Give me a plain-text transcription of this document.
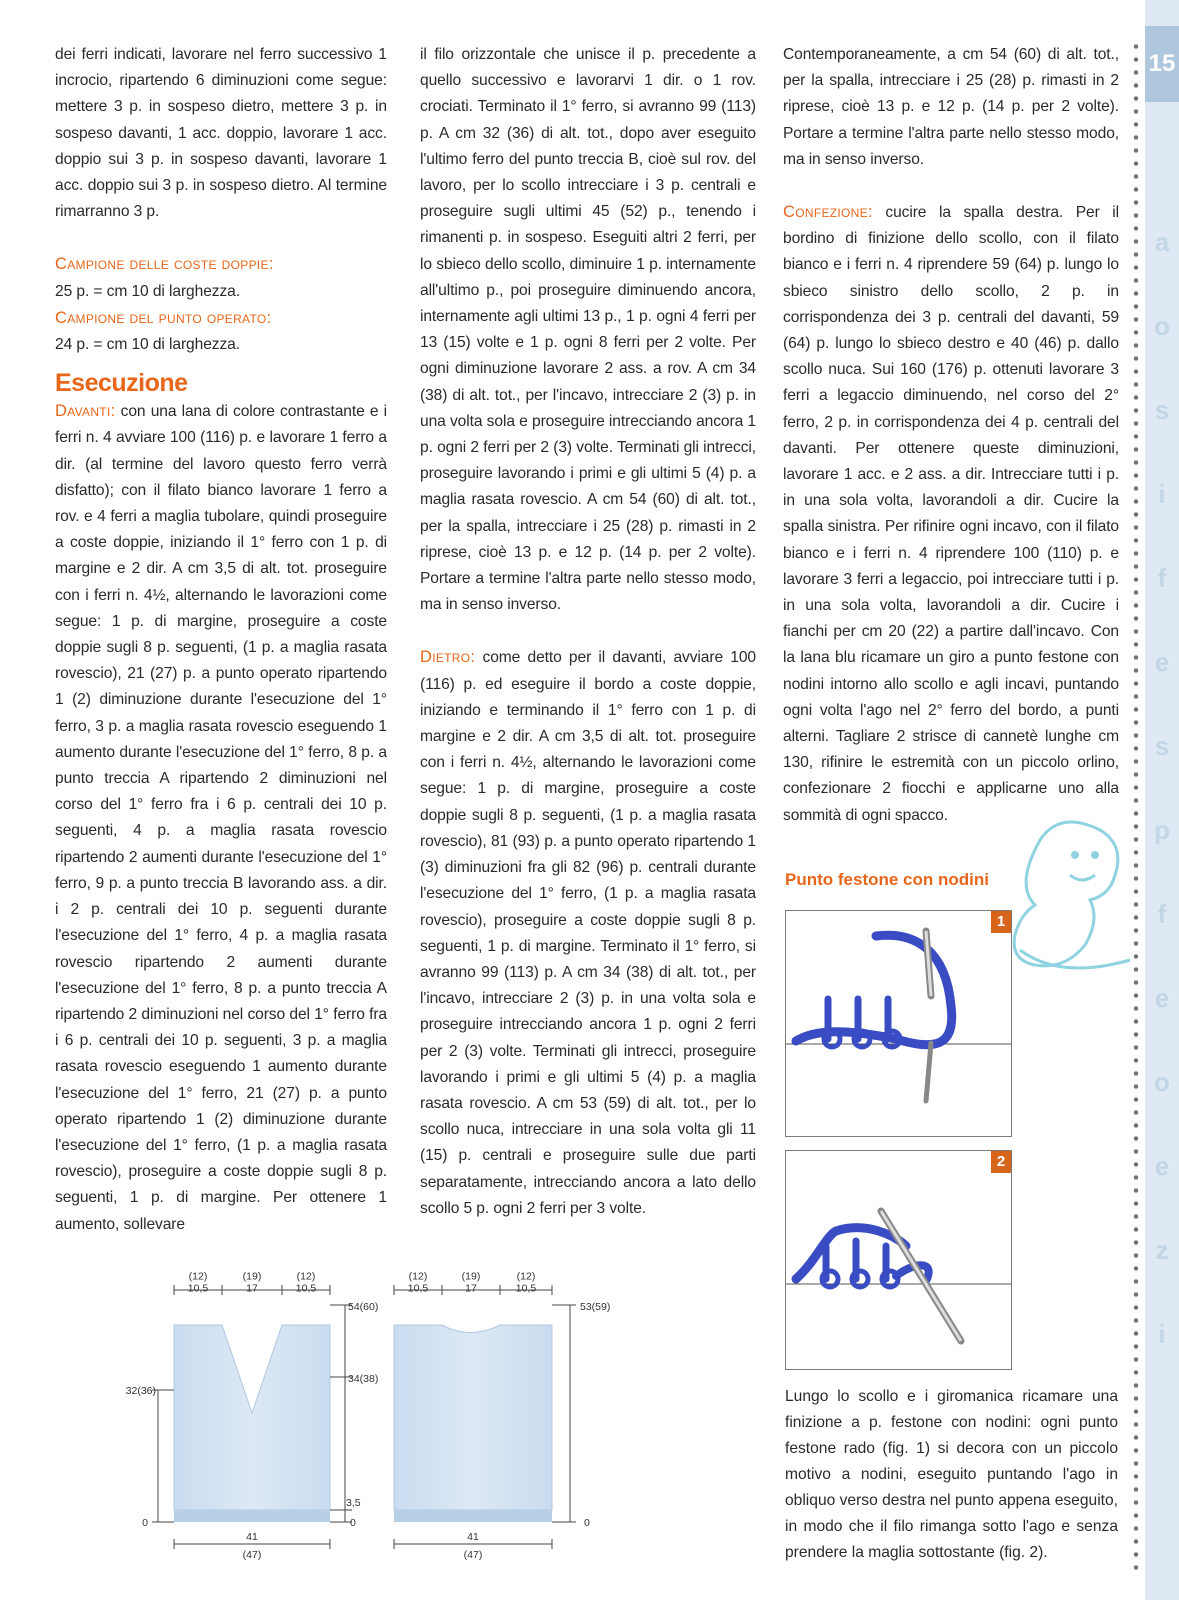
15
a
o
s
i
f
e
s
p
f
e
o
e
z
i

dei ferri indicati, lavorare nel ferro successivo 1 incrocio, ripartendo 6 diminuzioni come segue: mettere 3 p. in sospeso dietro, mettere 3 p. in sospeso davanti, 1 acc. doppio, lavorare 1 acc. doppio sui 3 p. in sospeso davanti, lavorare 1 acc. doppio sui 3 p. in sospeso dietro. Al termine rimarranno 3 p.

Campione delle coste doppie:
25 p. = cm 10 di larghezza.

Campione del punto operato:
24 p. = cm 10 di larghezza.

Esecuzione

Davanti: con una lana di colore contrastante e i ferri n. 4 avviare 100 (116) p. e lavorare 1 ferro a dir. (al termine del lavoro questo ferro verrà disfatto); con il filato bianco lavorare 1 ferro a rov. e 4 ferri a maglia tubolare, quindi proseguire a coste doppie, iniziando il 1° ferro con 1 p. di margine e 2 dir. A cm 3,5 di alt. tot. proseguire con i ferri n. 4½, alternando le lavorazioni come segue: 1 p. di margine, proseguire a coste doppie sugli 8 p. seguenti, (1 p. a maglia rasata rovescio), 21 (27) p. a punto operato ripartendo 1 (2) diminuzione durante l'esecuzione del 1° ferro, 3 p. a maglia rasata rovescio eseguendo 1 aumento durante l'esecuzione del 1° ferro, 8 p. a punto treccia A ripartendo 2 diminuzioni nel corso del 1° ferro fra i 6 p. centrali dei 10 p. seguenti, 4 p. a maglia rasata rovescio ripartendo 2 aumenti durante l'esecuzione del 1° ferro, 9 p. a punto treccia B lavorando ass. a dir. i 2 p. centrali dei 10 p. seguenti durante l'esecuzione del 1° ferro, 4 p. a maglia rasata rovescio ripartendo 2 aumenti durante l'esecuzione del 1° ferro, 8 p. a punto treccia A ripartendo 2 diminuzioni nel corso del 1° ferro fra i 6 p. centrali dei 10 p. seguenti, 3 p. a maglia rasata rovescio eseguendo 1 aumento durante l'esecuzione del 1° ferro, 21 (27) p. a punto operato ripartendo 1 (2) diminuzione durante l'esecuzione del 1° ferro, (1 p. a maglia rasata rovescio), proseguire a coste doppie sugli 8 p. seguenti, 1 p. di margine. Per ottenere 1 aumento, sollevare

il filo orizzontale che unisce il p. precedente a quello successivo e lavorarvi 1 dir. o 1 rov. crociati. Terminato il 1° ferro, si avranno 99 (113) p. A cm 32 (36) di alt. tot., dopo aver eseguito l'ultimo ferro del punto treccia B, cioè sul rov. del lavoro, per lo scollo intrecciare i 3 p. centrali e proseguire sugli ultimi 45 (52) p., tenendo i rimanenti p. in sospeso. Eseguiti altri 2 ferri, per lo sbieco dello scollo, diminuire 1 p. internamente all'ultimo p., poi proseguire diminuendo ancora, internamente agli ultimi 13 p., 1 p. ogni 4 ferri per 13 (15) volte e 1 p. ogni 8 ferri per 2 volte. Per ogni diminuzione lavorare 2 ass. a rov. A cm 34 (38) di alt. tot., per l'incavo, intrecciare 2 (3) p. in una volta sola e proseguire intrecciando ancora 1 p. ogni 2 ferri per 2 (3) volte. Terminati gli intrecci, proseguire lavorando i primi e gli ultimi 5 (4) p. a maglia rasata rovescio. A cm 54 (60) di alt. tot., per la spalla, intrecciare i 25 (28) p. rimasti in 2 riprese, cioè 13 p. e 12 p. (14 p. per 2 volte). Portare a termine l'altra parte nello stesso modo, ma in senso inverso.

Dietro: come detto per il davanti, avviare 100 (116) p. ed eseguire il bordo a coste doppie, iniziando e terminando il 1° ferro con 1 p. di margine e 2 dir. A cm 3,5 di alt. tot. proseguire con i ferri n. 4½, alternando le lavorazioni come segue: 1 p. di margine, proseguire a coste doppie sugli 8 p. seguenti, (1 p. a maglia rasata rovescio), 81 (93) p. a punto operato ripartendo 1 (3) diminuzioni fra gli 82 (96) p. centrali durante l'esecuzione del 1° ferro, (1 p. a maglia rasata rovescio), proseguire a coste doppie sugli 8 p. seguenti, 1 p. di margine. Terminato il 1° ferro, si avranno 99 (113) p. A cm 34 (38) di alt. tot., per l'incavo, intrecciare 2 (3) p. in una volta sola e proseguire intrecciando ancora 1 p. ogni 2 ferri per 2 (3) volte. Terminati gli intrecci, proseguire lavorando i primi e gli ultimi 5 (4) p. a maglia rasata rovescio. A cm 53 (59) di alt. tot., per lo scollo nuca, intrecciare in una sola volta gli 11 (15) p. centrali e proseguire sulle due parti separatamente, intrecciando ancora a lato dello scollo 5 p. ogni 2 ferri per 3 volte.

Contemporaneamente, a cm 54 (60) di alt. tot., per la spalla, intrecciare i 25 (28) p. rimasti in 2 riprese, cioè 13 p. e 12 p. (14 p. per 2 volte). Portare a termine l'altra parte nello stesso modo, ma in senso inverso.

Confezione: cucire la spalla destra. Per il bordino di finizione dello scollo, con il filato bianco e i ferri n. 4 riprendere 59 (64) p. lungo lo sbieco sinistro dello scollo, 2 p. in corrispondenza dei 3 p. centrali del davanti, 59 (64) p. lungo lo sbieco destro e 40 (46) p. dallo scollo nuca. Sui 160 (176) p. ottenuti lavorare 3 ferri a legaccio diminuendo, nel corso del 2° ferro, 2 p. in corrispondenza dei 4 p. centrali del davanti. Per ottenere queste diminuzioni, lavorare 1 acc. e 2 ass. a dir. Intrecciare tutti i p. in una sola volta, lavorandoli a dir. Cucire la spalla sinistra. Per rifinire ogni incavo, con il filato bianco e i ferri n. 4 riprendere 100 (110) p. e lavorare 3 ferri a legaccio, poi intrecciare tutti i p. in una sola volta, lavorandoli a dir. Cucire i fianchi per cm 20 (22) a partire dall'incavo. Con la lana blu ricamare un giro a punto festone con nodini intorno allo scollo e agli incavi, puntando ogni volta l'ago nel 2° ferro del bordo, a punti alterni. Tagliare 2 strisce di cannetè lunghe cm 130, rifinire le estremità con un piccolo orlino, confezionare 2 fiocchi e applicarne uno alla sommità di ogni spacco.

Punto festone con nodini
1
2

Lungo lo scollo e i giromanica ricamare una finizione a p. festone con nodini: ogni punto festone rado (fig. 1) si decora con un piccolo motivo a nodini, eseguito puntando l'ago in obliquo verso destra nel punto appena eseguito, in modo che il filo rimanga sotto l'ago e senza prendere la maglia sottostante (fig. 2).

(12)	(19)	(12)
10,5	17	10,5
54(60)
34(38)
3,5
0
32(36)
0
41
(47)
(12)	(19)	(12)
10,5	17	10,5
53(59)
0
41
(47)
